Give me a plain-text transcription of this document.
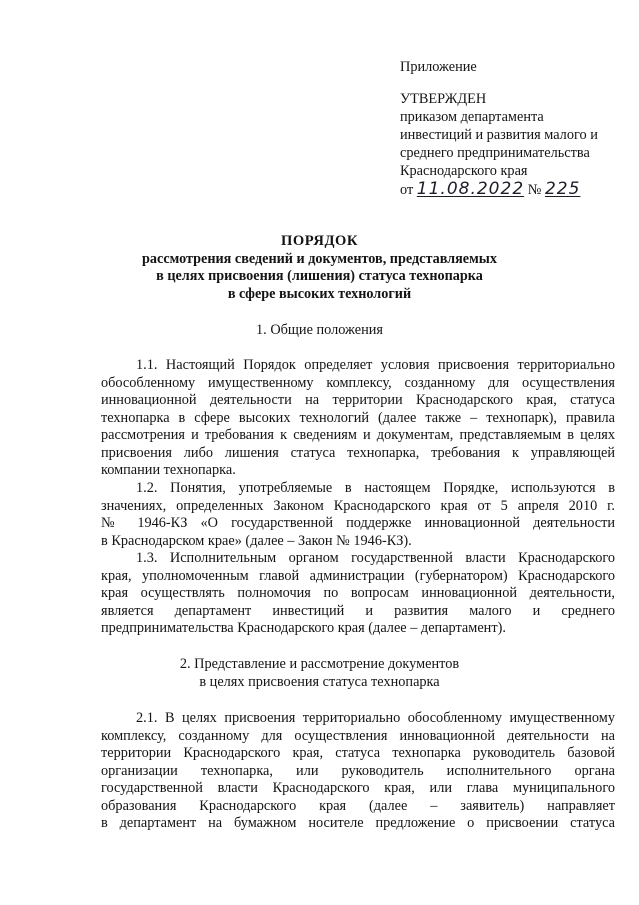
Приложение
УТВЕРЖДЕН
приказом департамента
инвестиций и развития малого и
среднего предпринимательства
Краснодарского края
от 11.08.2022 № 225
ПОРЯДОК
рассмотрения сведений и документов, представляемых
в целях присвоения (лишения) статуса технопарка
в сфере высоких технологий
1. Общие положения
1.1. Настоящий Порядок определяет условия присвоения территориально
обособленному имущественному комплексу, созданному для осуществления
инновационной деятельности на территории Краснодарского края, статуса
технопарка в сфере высоких технологий (далее также – технопарк), правила
рассмотрения и требования к сведениям и документам, представляемым в целях
присвоения либо лишения статуса технопарка, требования к управляющей
компании технопарка.
1.2. Понятия, употребляемые в настоящем Порядке, используются в
значениях, определенных Законом Краснодарского края от 5 апреля 2010 г.
№ 1946-КЗ «О государственной поддержке инновационной деятельности
в Краснодарском крае» (далее – Закон № 1946-КЗ).
1.3. Исполнительным органом государственной власти Краснодарского
края, уполномоченным главой администрации (губернатором) Краснодарского
края осуществлять полномочия по вопросам инновационной деятельности,
является департамент инвестиций и развития малого и среднего
предпринимательства Краснодарского края (далее – департамент).
2. Представление и рассмотрение документов
в целях присвоения статуса технопарка
2.1. В целях присвоения территориально обособленному имущественному
комплексу, созданному для осуществления инновационной деятельности на
территории Краснодарского края, статуса технопарка руководитель базовой
организации технопарка, или руководитель исполнительного органа
государственной власти Краснодарского края, или глава муниципального
образования Краснодарского края (далее – заявитель) направляет
в департамент на бумажном носителе предложение о присвоении статуса
